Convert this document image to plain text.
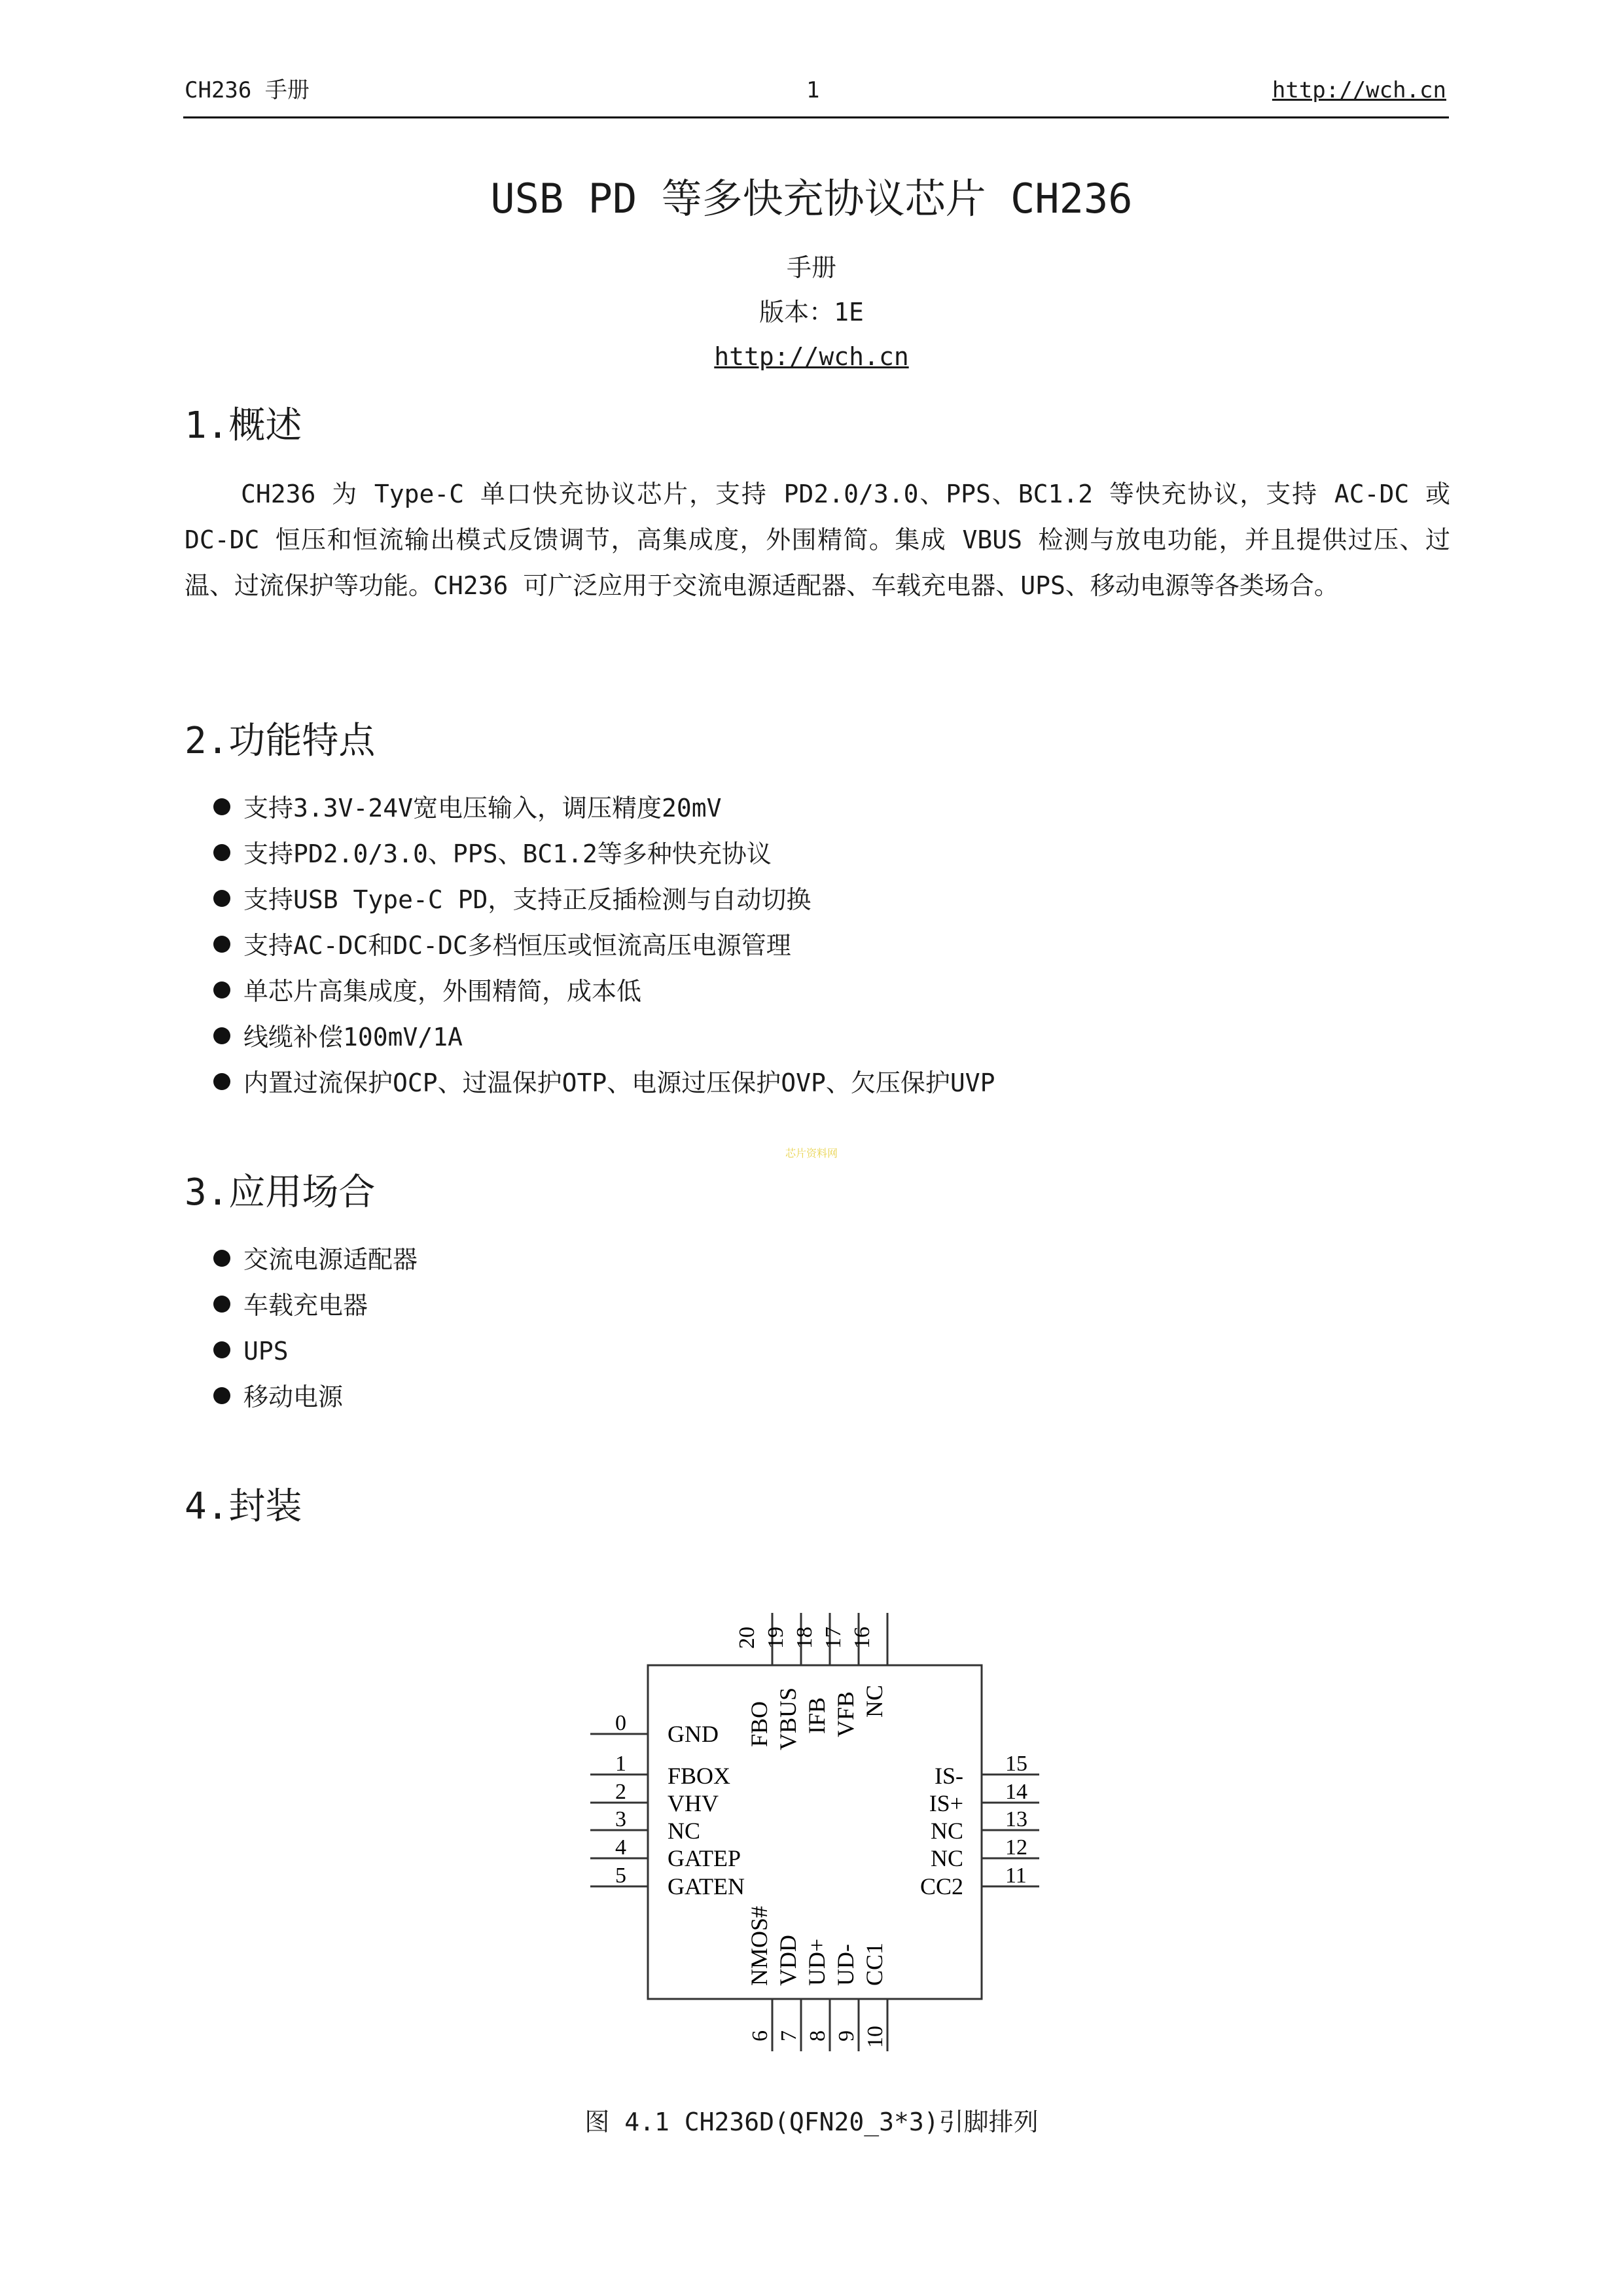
CH236 手册	1	http://wch.cn
USB PD 等多快充协议芯片 CH236
手册
版本：1E
http://wch.cn
1.概述

CH236 为 Type-C 单口快充协议芯片，支持 PD2.0/3.0、PPS、BC1.2 等快充协议，支持 AC-DC 或 DC-DC 恒压和恒流输出模式反馈调节，高集成度，外围精简。集成 VBUS 检测与放电功能，并且提供过压、过温、过流保护等功能。CH236 可广泛应用于交流电源适配器、车载充电器、UPS、移动电源等各类场合。

2.功能特点
支持3.3V-24V宽电压输入，调压精度20mV
支持PD2.0/3.0、PPS、BC1.2等多种快充协议
支持USB Type-C PD，支持正反插检测与自动切换
支持AC-DC和DC-DC多档恒压或恒流高压电源管理
单芯片高集成度，外围精简，成本低
线缆补偿100mV/1A
内置过流保护OCP、过温保护OTP、电源过压保护OVP、欠压保护UVP
芯片资料网
3.应用场合
交流电源适配器
车载充电器
UPS
移动电源
4.封装
20
FBO
19
VBUS
18
IFB
17
VFB
16
NC
0 GND
1 FBOX
2 VHV
3 NC
4 GATEP
5 GATEN
15
IS-
14
IS+
13
NC
12
NC
11
CC2
6
NMOS#
7
VDD
8
UD+
9
UD-
10
CC1
图 4.1 CH236D(QFN20_3*3)引脚排列
